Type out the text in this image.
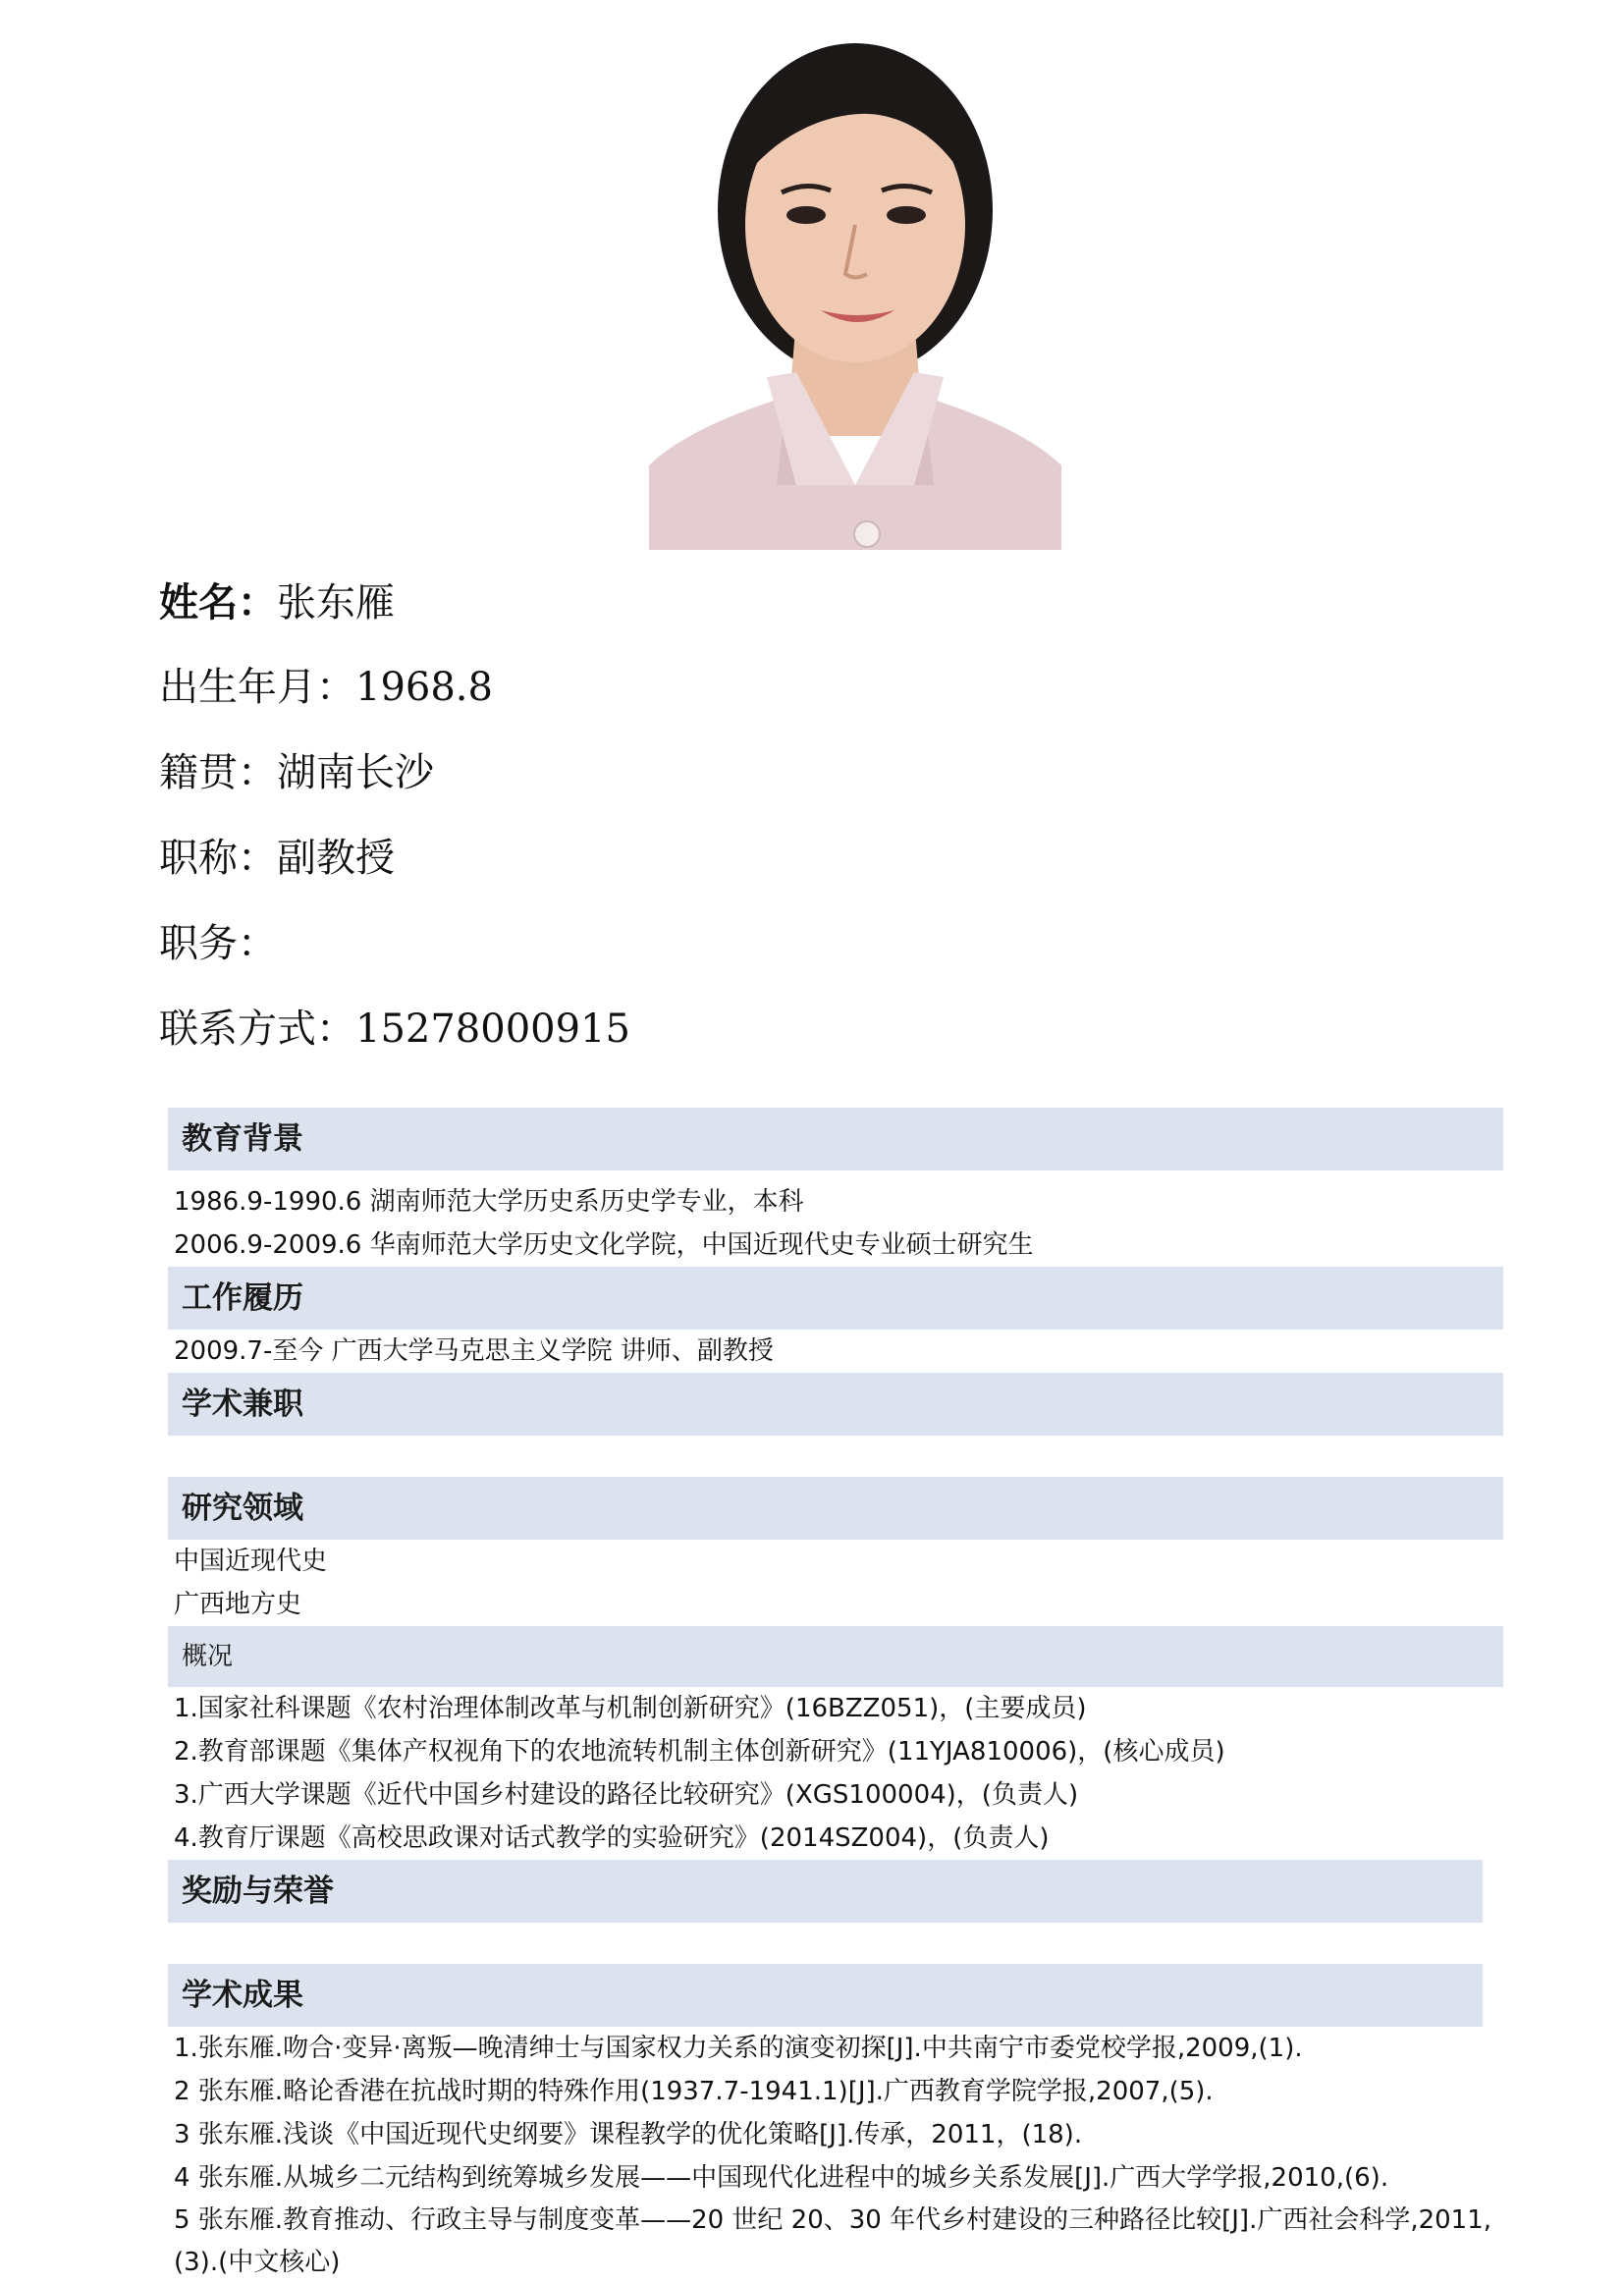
姓名：张东雁
出生年月：1968.8
籍贯：湖南长沙
职称：副教授
职务：
联系方式：15278000915
教育背景
1986.9-1990.6 湖南师范大学历史系历史学专业，本科
2006.9-2009.6 华南师范大学历史文化学院，中国近现代史专业硕士研究生
工作履历
2009.7-至今 广西大学马克思主义学院 讲师、副教授
学术兼职
研究领域
中国近现代史
广西地方史
概况
1.国家社科课题《农村治理体制改革与机制创新研究》(16BZZ051)，(主要成员)
2.教育部课题《集体产权视角下的农地流转机制主体创新研究》(11YJA810006)，(核心成员)
3.广西大学课题《近代中国乡村建设的路径比较研究》(XGS100004)，(负责人)
4.教育厅课题《高校思政课对话式教学的实验研究》(2014SZ004)，(负责人)
奖励与荣誉
学术成果
1.张东雁.吻合·变异·离叛—晚清绅士与国家权力关系的演变初探[J].中共南宁市委党校学报,2009,(1).
2 张东雁.略论香港在抗战时期的特殊作用(1937.7-1941.1)[J].广西教育学院学报,2007,(5).
3 张东雁.浅谈《中国近现代史纲要》课程教学的优化策略[J].传承，2011，(18).
4 张东雁.从城乡二元结构到统筹城乡发展——中国现代化进程中的城乡关系发展[J].广西大学学报,2010,(6).
5 张东雁.教育推动、行政主导与制度变革——20 世纪 20、30 年代乡村建设的三种路径比较[J].广西社会科学,2011,(3).(中文核心)
